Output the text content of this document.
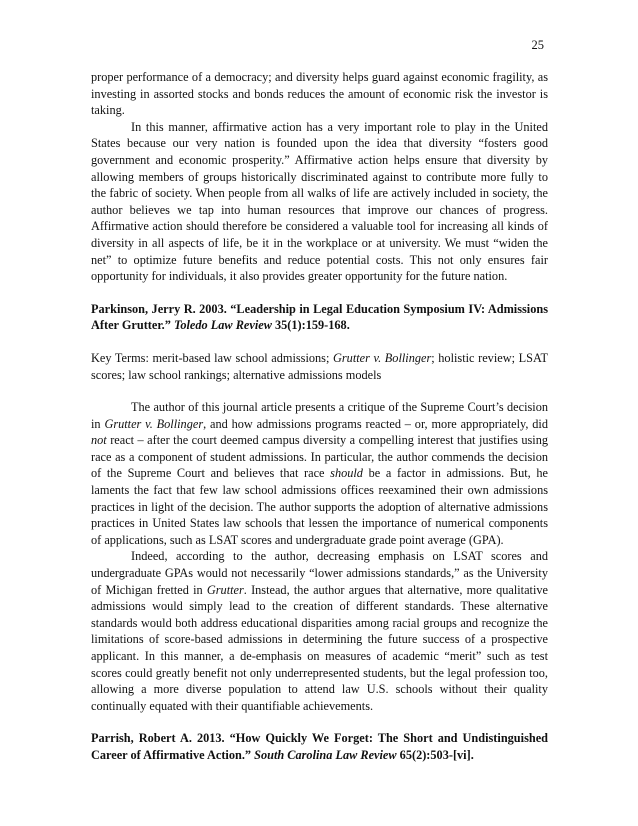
25

proper performance of a democracy; and diversity helps guard against economic fragility, as investing in assorted stocks and bonds reduces the amount of economic risk the investor is taking.

In this manner, affirmative action has a very important role to play in the United States because our very nation is founded upon the idea that diversity “fosters good government and economic prosperity.” Affirmative action helps ensure that diversity by allowing members of groups historically discriminated against to contribute more fully to the fabric of society. When people from all walks of life are actively included in society, the author believes we tap into human resources that improve our chances of progress. Affirmative action should therefore be considered a valuable tool for increasing all kinds of diversity in all aspects of life, be it in the workplace or at university. We must “widen the net” to optimize future benefits and reduce potential costs. This not only ensures fair opportunity for individuals, it also provides greater opportunity for the future nation.

Parkinson, Jerry R. 2003. “Leadership in Legal Education Symposium IV: Admissions After Grutter.” Toledo Law Review 35(1):159-168.

Key Terms: merit-based law school admissions; Grutter v. Bollinger; holistic review; LSAT scores; law school rankings; alternative admissions models

The author of this journal article presents a critique of the Supreme Court’s decision in Grutter v. Bollinger, and how admissions programs reacted – or, more appropriately, did not react – after the court deemed campus diversity a compelling interest that justifies using race as a component of student admissions. In particular, the author commends the decision of the Supreme Court and believes that race should be a factor in admissions. But, he laments the fact that few law school admissions offices reexamined their own admissions practices in light of the decision. The author supports the adoption of alternative admissions practices in United States law schools that lessen the importance of numerical components of applications, such as LSAT scores and undergraduate grade point average (GPA).

Indeed, according to the author, decreasing emphasis on LSAT scores and undergraduate GPAs would not necessarily “lower admissions standards,” as the University of Michigan fretted in Grutter. Instead, the author argues that alternative, more qualitative admissions would simply lead to the creation of different standards. These alternative standards would both address educational disparities among racial groups and recognize the limitations of score-based admissions in determining the future success of a prospective applicant. In this manner, a de-emphasis on measures of academic “merit” such as test scores could greatly benefit not only underrepresented students, but the legal profession too, allowing a more diverse population to attend law U.S. schools without their quality continually equated with their quantifiable achievements.

Parrish, Robert A. 2013. “How Quickly We Forget: The Short and Undistinguished Career of Affirmative Action.” South Carolina Law Review 65(2):503-[vi].
